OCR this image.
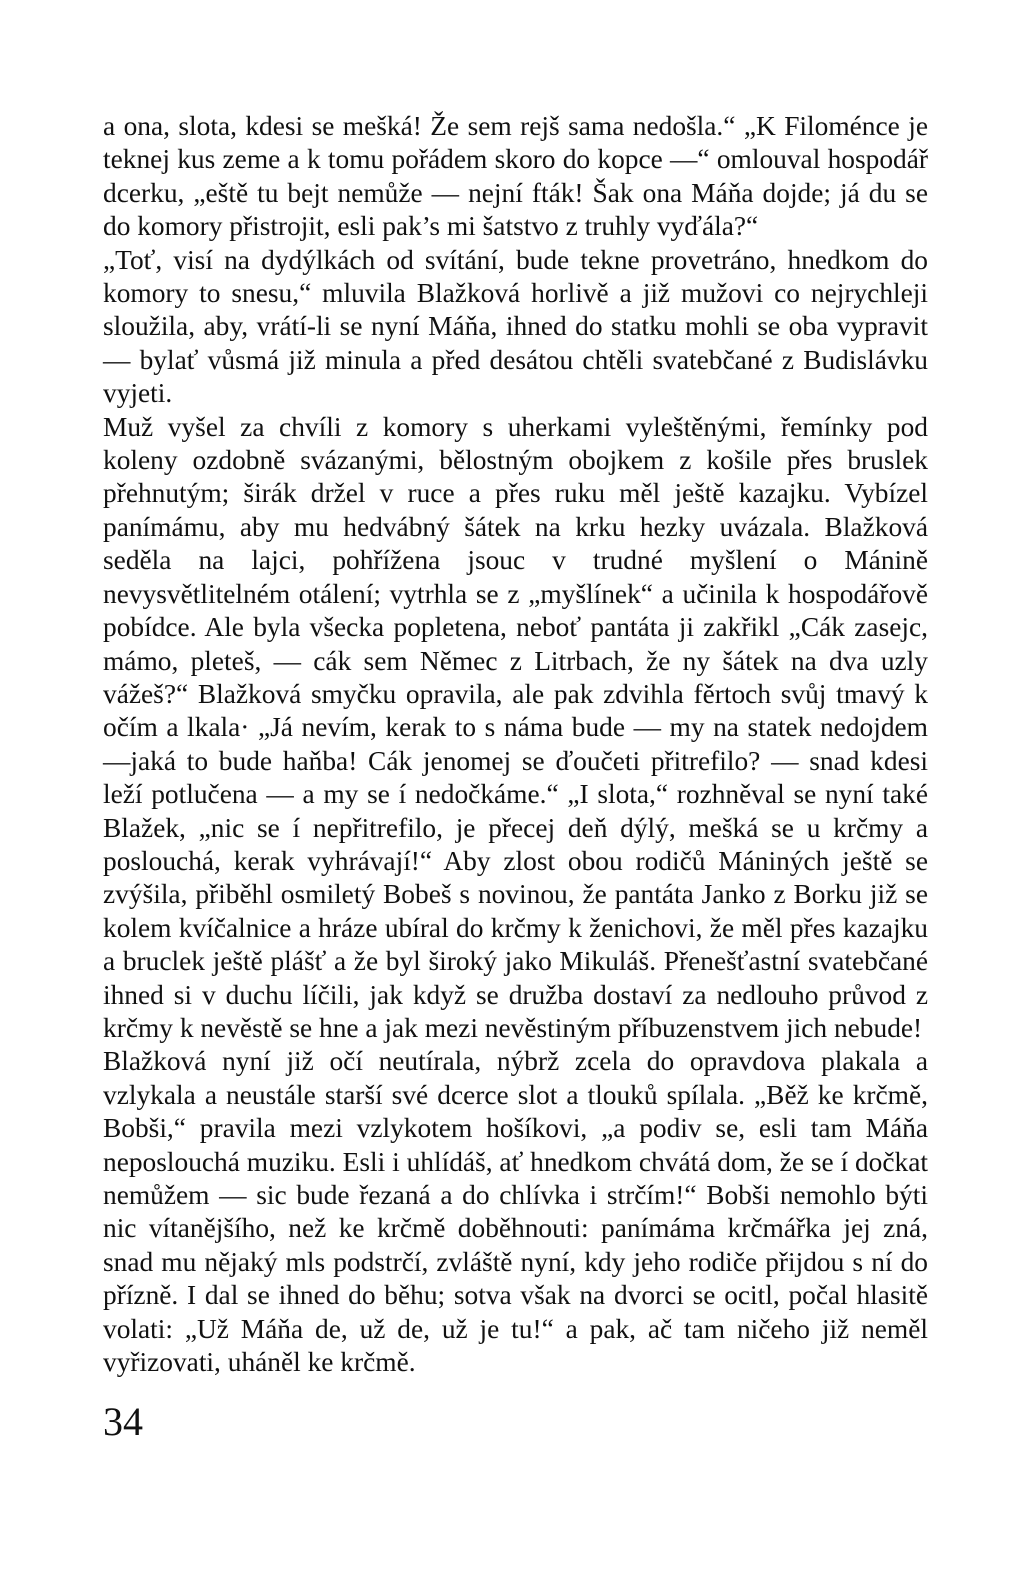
a ona, slota, kdesi se mešká! Že sem rejš sama nedošla.“ „K Filoménce je teknej kus zeme a k tomu pořádem skoro do kopce —“ omlouval hospodář dcerku, „eště tu bejt nemůže — nejní fták! Šak ona Máňa dojde; já du se do komory přistrojit, esli pak’s mi šatstvo z truhly vyďála?“

„Toť, visí na dydýlkách od svítání, bude tekne provetráno, hnedkom do komory to snesu,“ mluvila Blažková horlivě a již mužovi co nejrychleji sloužila, aby, vrátí-li se nyní Máňa, ihned do statku mohli se oba vypravit — bylať vůsmá již minula a před desátou chtěli svatebčané z Budislávku vyjeti.

Muž vyšel za chvíli z komory s uherkami vyleštěnými, řemínky pod koleny ozdobně svázanými, bělostným obojkem z košile přes bruslek přehnutým; širák držel v ruce a přes ruku měl ještě kazajku. Vybízel panímámu, aby mu hedvábný šátek na krku hezky uvázala. Blažková seděla na lajci, pohřížena jsouc v trudné myšlení o Mánině nevysvětlitelném otálení; vytrhla se z „myšlínek“ a učinila k hospodářově pobídce. Ale byla všecka popletena, neboť pantáta ji zakřikl „Cák zasejc, mámo, pleteš, — cák sem Němec z Litrbach, že ny šátek na dva uzly vážeš?“ Blažková smyčku opravila, ale pak zdvihla fěrtoch svůj tmavý k očím a lkala· „Já nevím, kerak to s náma bude — my na statek nedojdem —jaká to bude haňba! Cák jenomej se ďoučeti přitrefilo? — snad kdesi leží potlučena — a my se í nedočkáme.“ „I slota,“ rozhněval se nyní také Blažek, „nic se í nepřitrefilo, je přecej deň dýlý, mešká se u krčmy a poslouchá, kerak vyhrávají!“ Aby zlost obou rodičů Mániných ještě se zvýšila, přiběhl osmiletý Bobeš s novinou, že pantáta Janko z Borku již se kolem kvíčalnice a hráze ubíral do krčmy k ženichovi, že měl přes kazajku a bruclek ještě plášť a že byl široký jako Mikuláš. Přenešťastní svatebčané ihned si v duchu líčili, jak když se družba dostaví za nedlouho průvod z krčmy k nevěstě se hne a jak mezi nevěstiným příbuzenstvem jich nebude!

Blažková nyní již očí neutírala, nýbrž zcela do opravdova plakala a vzlykala a neustále starší své dcerce slot a tlouků spílala. „Běž ke krčmě, Bobši,“ pravila mezi vzlykotem hošíkovi, „a podiv se, esli tam Máňa neposlouchá muziku. Esli i uhlídáš, ať hnedkom chvátá dom, že se í dočkat nemůžem — sic bude řezaná a do chlívka i strčím!“ Bobši nemohlo býti nic vítanějšího, než ke krčmě doběhnouti: panímáma krčmářka jej zná, snad mu nějaký mls podstrčí, zvláště nyní, kdy jeho rodiče přijdou s ní do přízně. I dal se ihned do běhu; sotva však na dvorci se ocitl, počal hlasitě volati: „Už Máňa de, už de, už je tu!“ a pak, ač tam ničeho již neměl vyřizovati, uháněl ke krčmě.

34
